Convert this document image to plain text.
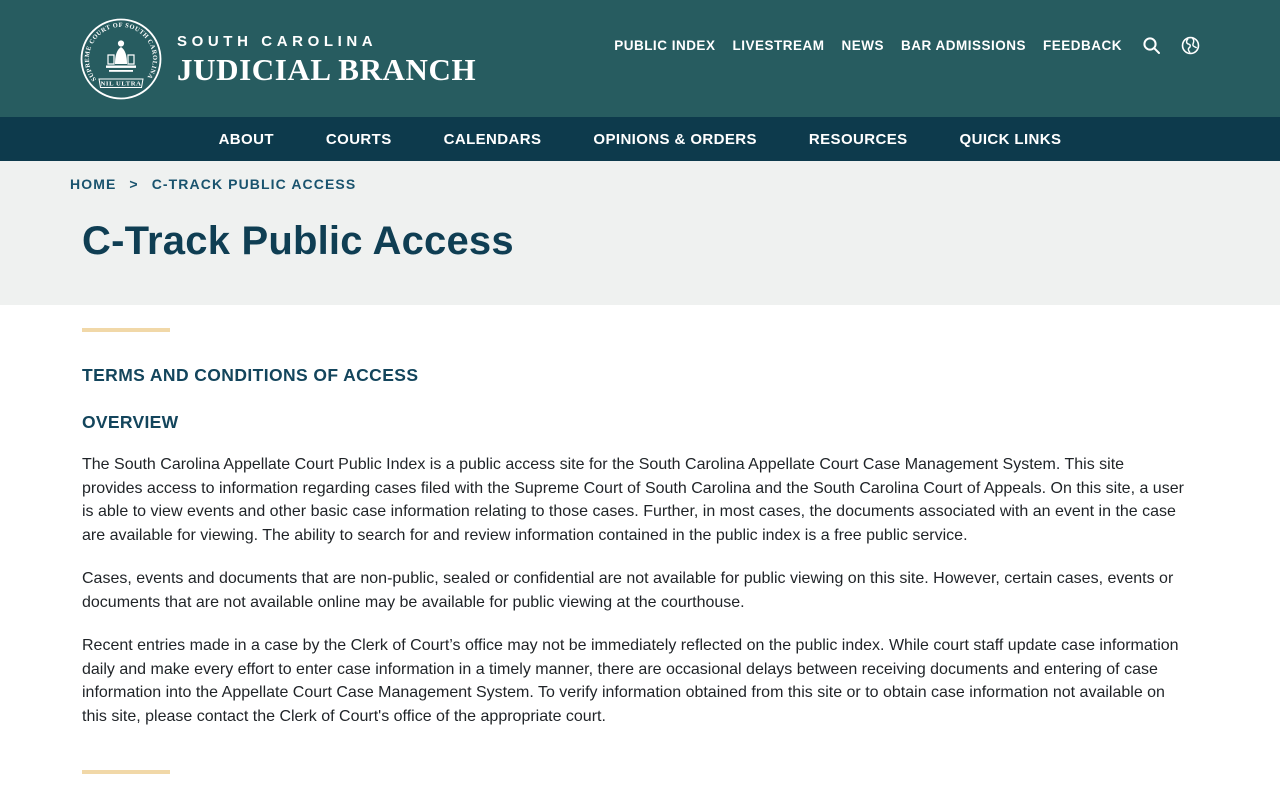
SUPREME COURT OF SOUTH CAROLINA
NIL ULTRA
SOUTH CAROLINA
JUDICIAL BRANCH
PUBLIC INDEX LIVESTREAM NEWS BAR ADMISSIONS FEEDBACK
ABOUT	COURTS	CALENDARS	OPINIONS & ORDERS	RESOURCES	QUICK LINKS
HOME > C-TRACK PUBLIC ACCESS
C-Track Public Access
TERMS AND CONDITIONS OF ACCESS
OVERVIEW

The South Carolina Appellate Court Public Index is a public access site for the South Carolina Appellate Court Case Management System. This site provides access to information regarding cases filed with the Supreme Court of South Carolina and the South Carolina Court of Appeals. On this site, a user is able to view events and other basic case information relating to those cases. Further, in most cases, the documents associated with an event in the case are available for viewing. The ability to search for and review information contained in the public index is a free public service.

Cases, events and documents that are non-public, sealed or confidential are not available for public viewing on this site. However, certain cases, events or documents that are not available online may be available for public viewing at the courthouse.

Recent entries made in a case by the Clerk of Court’s office may not be immediately reflected on the public index. While court staff update case information daily and make every effort to enter case information in a timely manner, there are occasional delays between receiving documents and entering of case information into the Appellate Court Case Management System. To verify information obtained from this site or to obtain case information not available on this site, please contact the Clerk of Court's office of the appropriate court.
